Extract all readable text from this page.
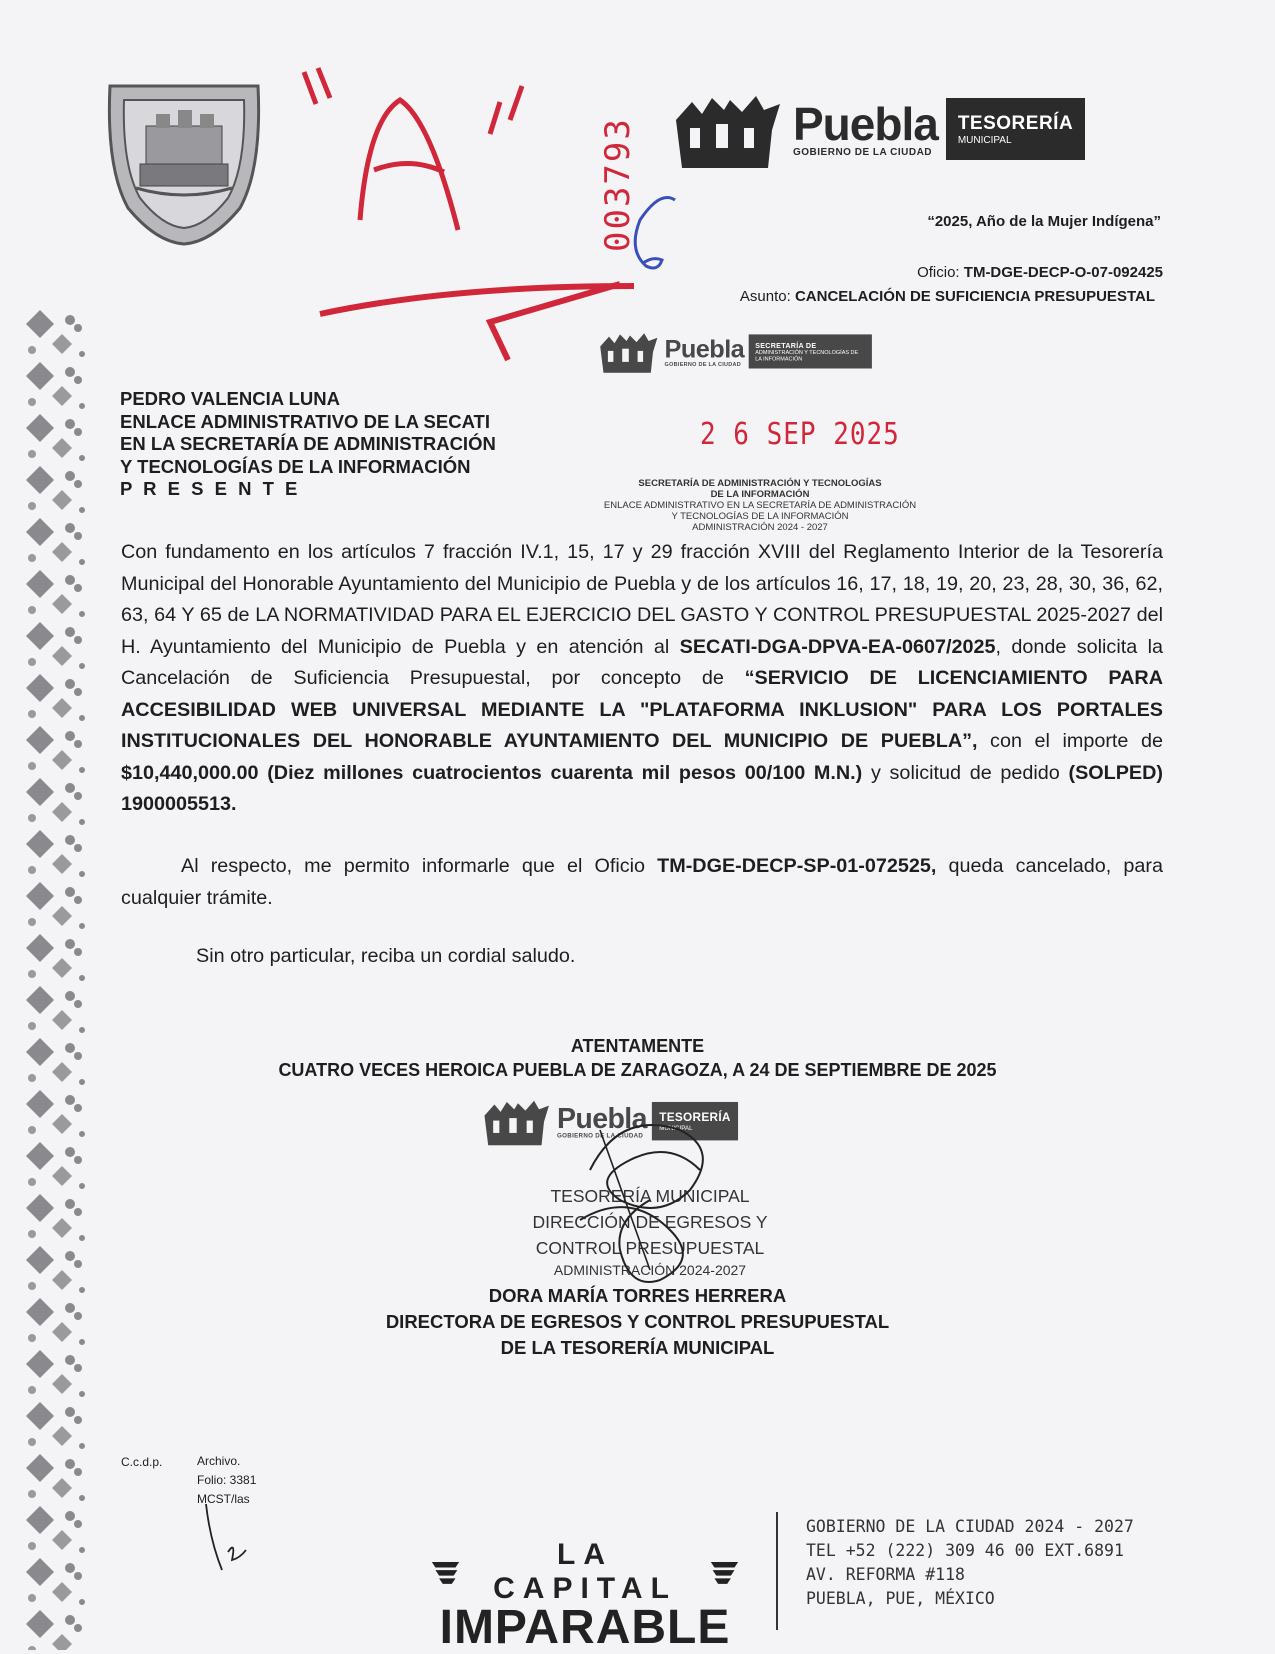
003793	Puebla
GOBIERNO DE LA CIUDAD
TESORERÍA
MUNICIPAL
“2025, Año de la Mujer Indígena”
Oficio: TM-DGE-DECP-O-07-092425
Asunto: CANCELACIÓN DE SUFICIENCIA PRESUPUESTAL
Puebla
GOBIERNO DE LA CIUDAD
SECRETARÍA DE
ADMINISTRACIÓN Y TECNOLOGÍAS DE LA INFORMACIÓN
2 6 SEP 2025
SECRETARÍA DE ADMINISTRACIÓN Y TECNOLOGÍAS
DE LA INFORMACIÓN
ENLACE ADMINISTRATIVO EN LA SECRETARÍA DE ADMINISTRACIÓN
Y TECNOLOGÍAS DE LA INFORMACIÓN
ADMINISTRACIÓN 2024 - 2027
PEDRO VALENCIA LUNA
ENLACE ADMINISTRATIVO DE LA SECATI
EN LA SECRETARÍA DE ADMINISTRACIÓN
Y TECNOLOGÍAS DE LA INFORMACIÓN
P R E S E N T E
Con fundamento en los artículos 7 fracción IV.1, 15, 17 y 29 fracción XVIII del Reglamento Interior de la Tesorería Municipal del Honorable Ayuntamiento del Municipio de Puebla y de los artículos 16, 17, 18, 19, 20, 23, 28, 30, 36, 62, 63, 64 Y 65 de LA NORMATIVIDAD PARA EL EJERCICIO DEL GASTO Y CONTROL PRESUPUESTAL 2025-2027 del H. Ayuntamiento del Municipio de Puebla y en atención al SECATI-DGA-DPVA-EA-0607/2025, donde solicita la Cancelación de Suficiencia Presupuestal, por concepto de “SERVICIO DE LICENCIAMIENTO PARA ACCESIBILIDAD WEB UNIVERSAL MEDIANTE LA "PLATAFORMA INKLUSION" PARA LOS PORTALES INSTITUCIONALES DEL HONORABLE AYUNTAMIENTO DEL MUNICIPIO DE PUEBLA”, con el importe de $10,440,000.00 (Diez millones cuatrocientos cuarenta mil pesos 00/100 M.N.) y solicitud de pedido (SOLPED) 1900005513.
Al respecto, me permito informarle que el Oficio TM-DGE-DECP-SP-01-072525, queda cancelado, para cualquier trámite.
Sin otro particular, reciba un cordial saludo.
ATENTAMENTE
CUATRO VECES HEROICA PUEBLA DE ZARAGOZA, A 24 DE SEPTIEMBRE DE 2025
Puebla
GOBIERNO DE LA CIUDAD
TESORERÍA
MUNICIPAL
TESORERÍA MUNICIPAL
DIRECCIÓN DE EGRESOS Y
CONTROL PRESUPUESTAL
ADMINISTRACIÓN 2024-2027
DORA MARÍA TORRES HERRERA
DIRECTORA DE EGRESOS Y CONTROL PRESUPUESTAL
DE LA TESORERÍA MUNICIPAL
C.c.d.p.	Archivo.
Folio: 3381
MCST/las
LA CAPITAL
IMPARABLE
GOBIERNO DE LA CIUDAD 2024 - 2027
TEL +52 (222) 309 46 00 EXT.6891
AV. REFORMA #118
PUEBLA, PUE, MÉXICO
